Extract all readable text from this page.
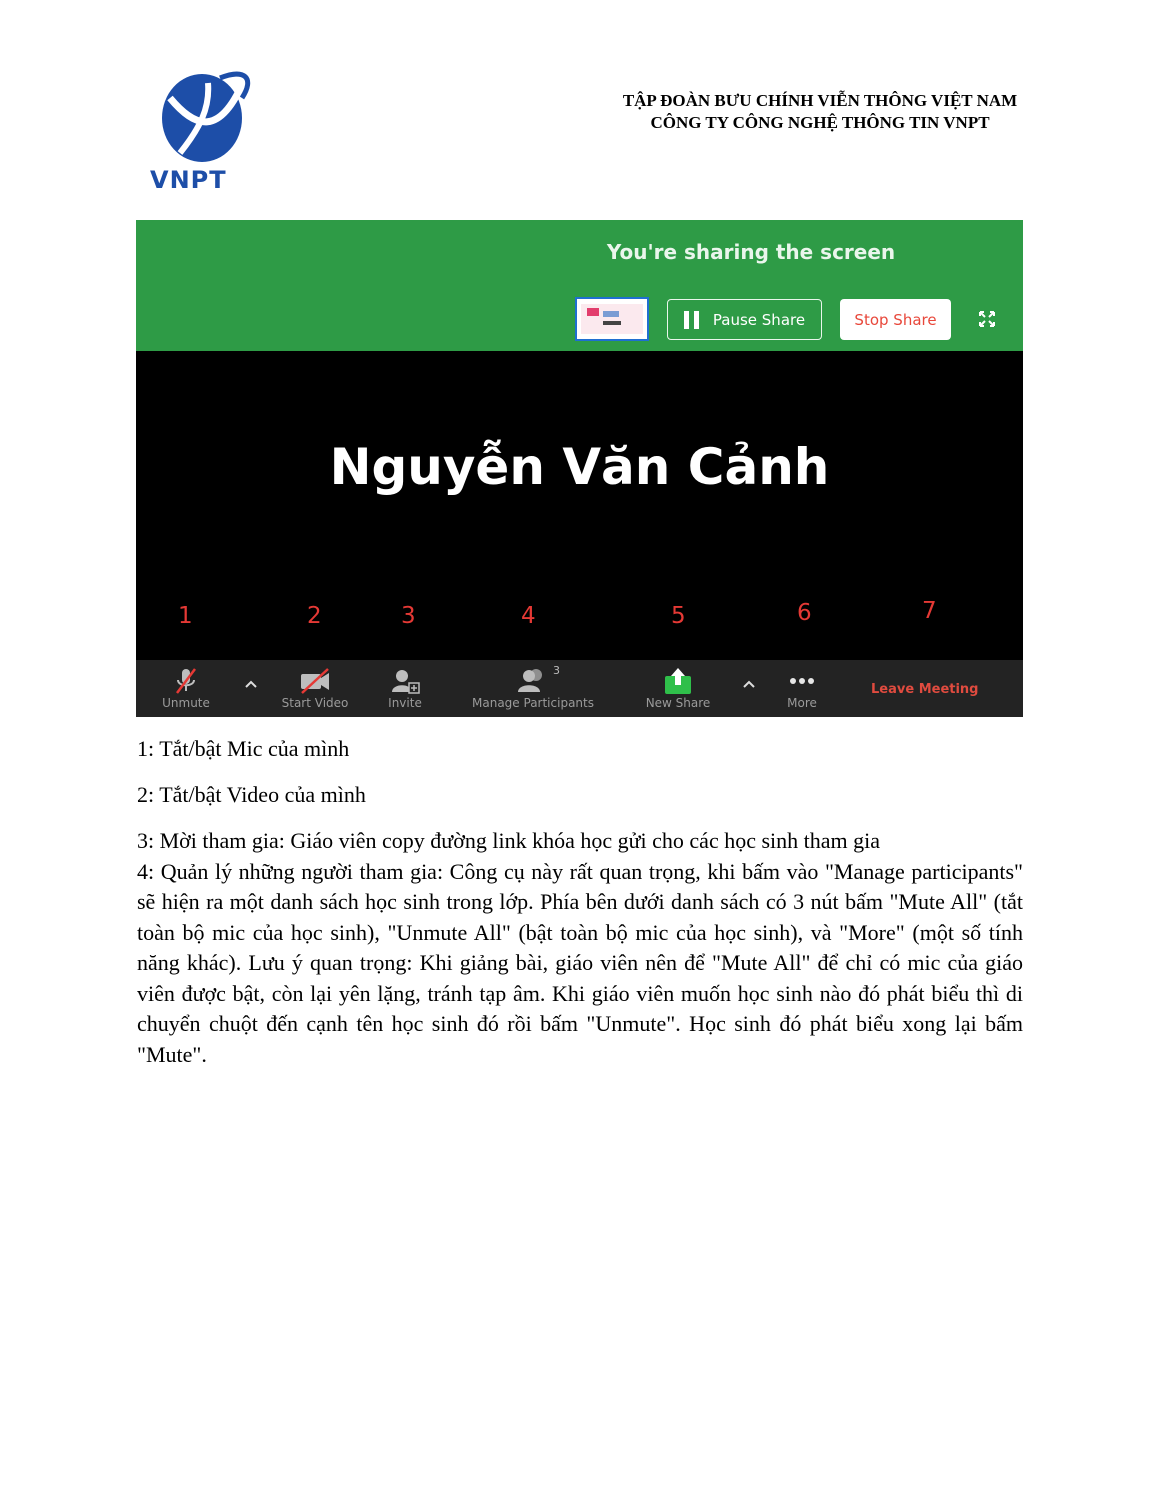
VNPT
TẬP ĐOÀN BƯU CHÍNH VIỄN THÔNG VIỆT NAM
CÔNG TY CÔNG NGHỆ THÔNG TIN VNPT
You're sharing the screen
Pause Share	Stop Share
Nguyễn Văn Cảnh
1	2	3	4	5	6	7
Unmute	Start Video	Invite	Manage Participants
3
New Share	More
Leave Meeting
1: Tắt/bật Mic của mình
2: Tắt/bật Video của mình
3: Mời tham gia: Giáo viên copy đường link khóa học gửi cho các học sinh tham gia
4: Quản lý những người tham gia: Công cụ này rất quan trọng, khi bấm vào "Manage participants" sẽ hiện ra một danh sách học sinh trong lớp. Phía bên dưới danh sách có 3 nút bấm "Mute All" (tắt toàn bộ mic của học sinh), "Unmute All" (bật toàn bộ mic của học sinh), và "More" (một số tính năng khác). Lưu ý quan trọng: Khi giảng bài, giáo viên nên để "Mute All" để chỉ có mic của giáo viên được bật, còn lại yên lặng, tránh tạp âm. Khi giáo viên muốn học sinh nào đó phát biểu thì di chuyển chuột đến cạnh tên học sinh đó rồi bấm "Unmute". Học sinh đó phát biểu xong lại bấm "Mute".
